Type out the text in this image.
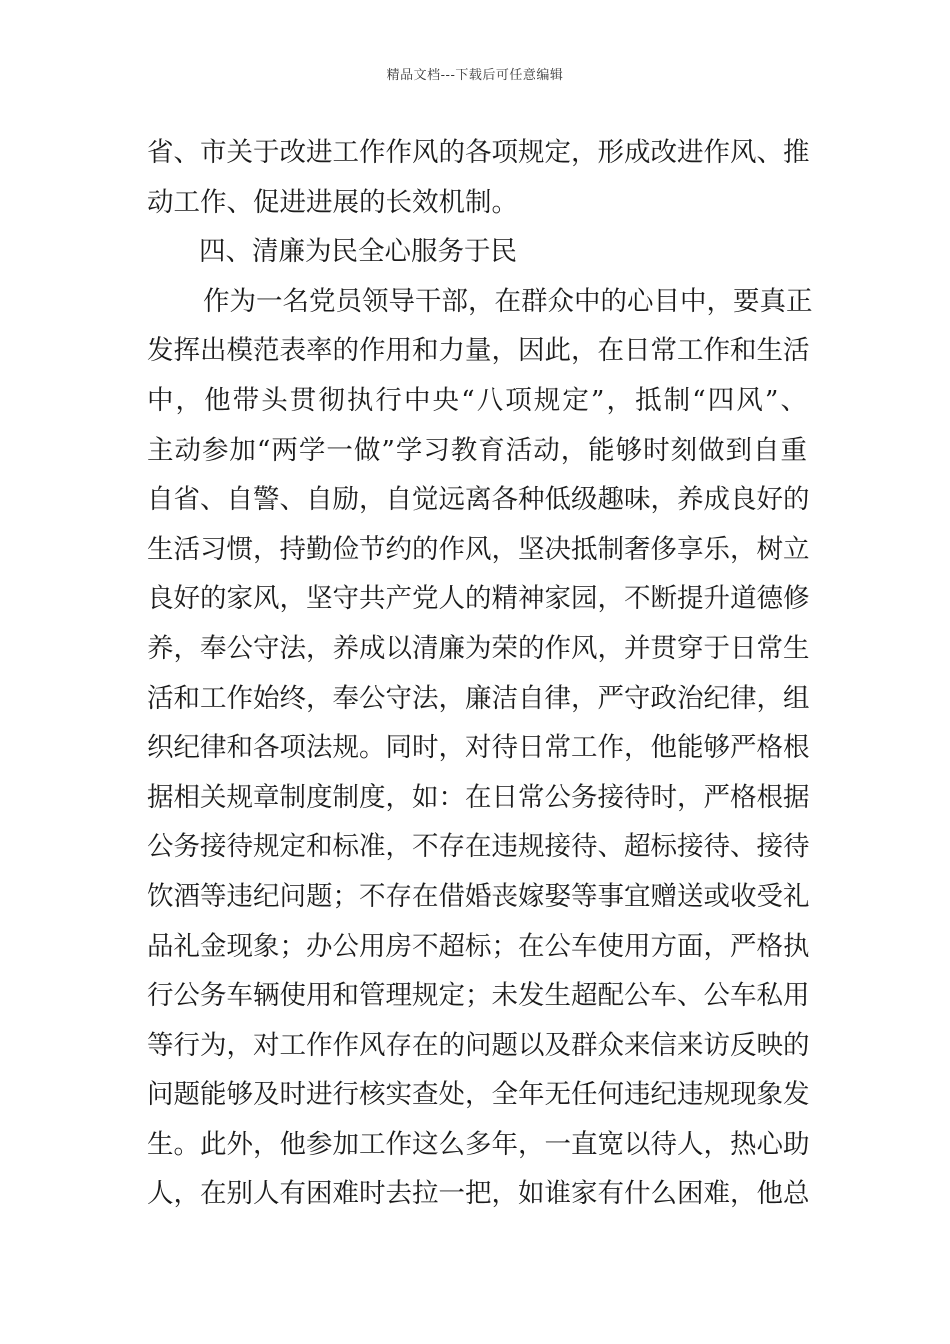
精品文档---下载后可任意编辑
省、市关于改进工作作风的各项规定，形成改进作风、推
动工作、促进进展的长效机制。
四、清廉为民全心服务于民
作为一名党员领导干部，在群众中的心目中，要真正
发挥出模范表率的作用和力量，因此，在日常工作和生活
中，他带头贯彻执行中央“八项规定”，抵制“四风”、
主动参加“两学一做”学习教育活动，能够时刻做到自重
自省、自警、自励，自觉远离各种低级趣味，养成良好的
生活习惯，持勤俭节约的作风，坚决抵制奢侈享乐，树立
良好的家风，坚守共产党人的精神家园，不断提升道德修
养，奉公守法，养成以清廉为荣的作风，并贯穿于日常生
活和工作始终，奉公守法，廉洁自律，严守政治纪律，组
织纪律和各项法规。同时，对待日常工作，他能够严格根
据相关规章制度制度，如：在日常公务接待时，严格根据
公务接待规定和标准，不存在违规接待、超标接待、接待
饮酒等违纪问题；不存在借婚丧嫁娶等事宜赠送或收受礼
品礼金现象；办公用房不超标；在公车使用方面，严格执
行公务车辆使用和管理规定；未发生超配公车、公车私用
等行为，对工作作风存在的问题以及群众来信来访反映的
问题能够及时进行核实查处，全年无任何违纪违规现象发
生。此外，他参加工作这么多年，一直宽以待人，热心助
人，在别人有困难时去拉一把，如谁家有什么困难，他总
